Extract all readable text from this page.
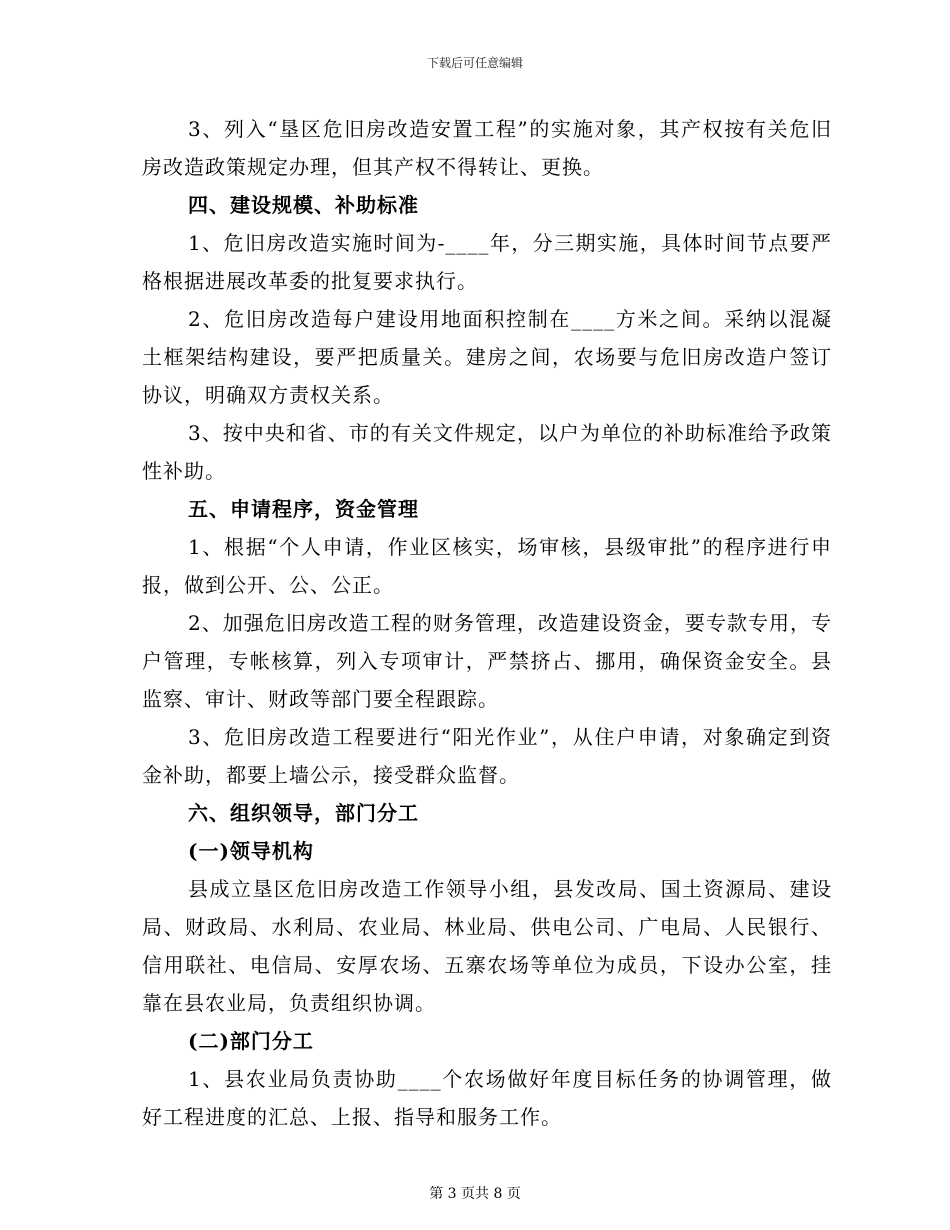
下载后可任意编辑

3、列入“垦区危旧房改造安置工程”的实施对象，其产权按有关危旧房改造政策规定办理，但其产权不得转让、更换。

四、建设规模、补助标准

1、危旧房改造实施时间为-____年，分三期实施，具体时间节点要严格根据进展改革委的批复要求执行。

2、危旧房改造每户建设用地面积控制在____方米之间。采纳以混凝土框架结构建设，要严把质量关。建房之间，农场要与危旧房改造户签订协议，明确双方责权关系。

3、按中央和省、市的有关文件规定，以户为单位的补助标准给予政策性补助。

五、申请程序，资金管理

1、根据“个人申请，作业区核实，场审核，县级审批”的程序进行申报，做到公开、公、公正。

2、加强危旧房改造工程的财务管理，改造建设资金，要专款专用，专户管理，专帐核算，列入专项审计，严禁挤占、挪用，确保资金安全。县监察、审计、财政等部门要全程跟踪。

3、危旧房改造工程要进行“阳光作业”，从住户申请，对象确定到资金补助，都要上墙公示，接受群众监督。

六、组织领导，部门分工

(一)领导机构

县成立垦区危旧房改造工作领导小组，县发改局、国土资源局、建设局、财政局、水利局、农业局、林业局、供电公司、广电局、人民银行、信用联社、电信局、安厚农场、五寨农场等单位为成员，下设办公室，挂靠在县农业局，负责组织协调。

(二)部门分工

1、县农业局负责协助____个农场做好年度目标任务的协调管理，做好工程进度的汇总、上报、指导和服务工作。

第 3 页共 8 页
